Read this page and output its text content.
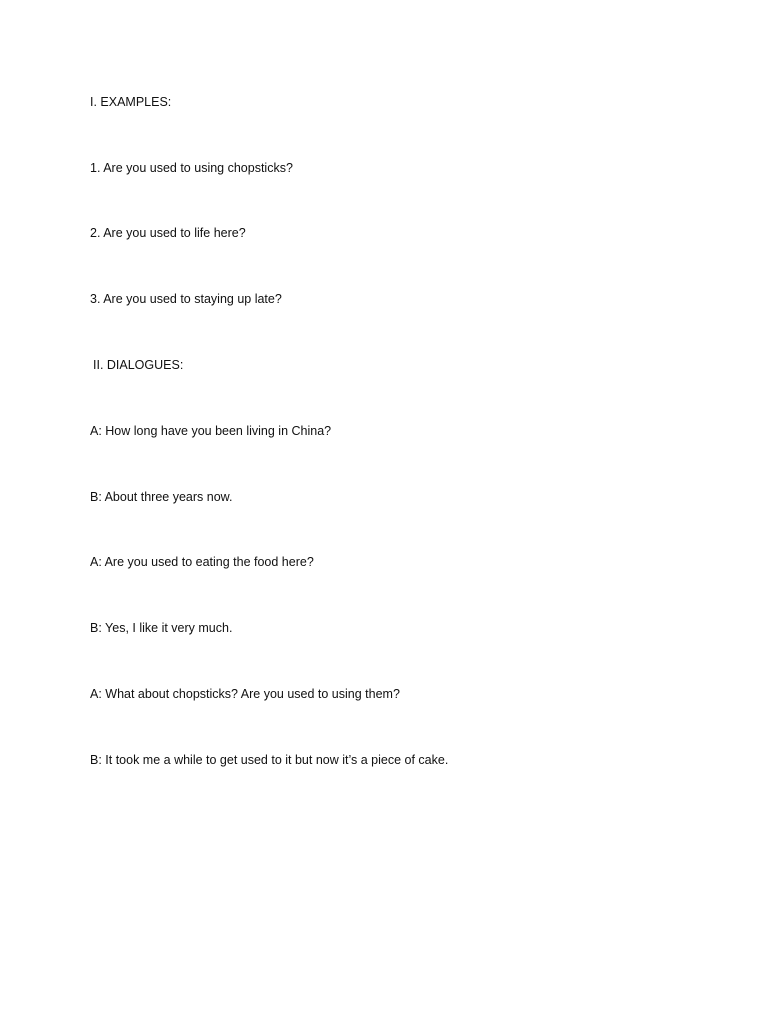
I. EXAMPLES:
1. Are you used to using chopsticks?
2. Are you used to life here?
3. Are you used to staying up late?
II. DIALOGUES:
A: How long have you been living in China?
B: About three years now.
A: Are you used to eating the food here?
B: Yes, I like it very much.
A: What about chopsticks? Are you used to using them?
B: It took me a while to get used to it but now it’s a piece of cake.
